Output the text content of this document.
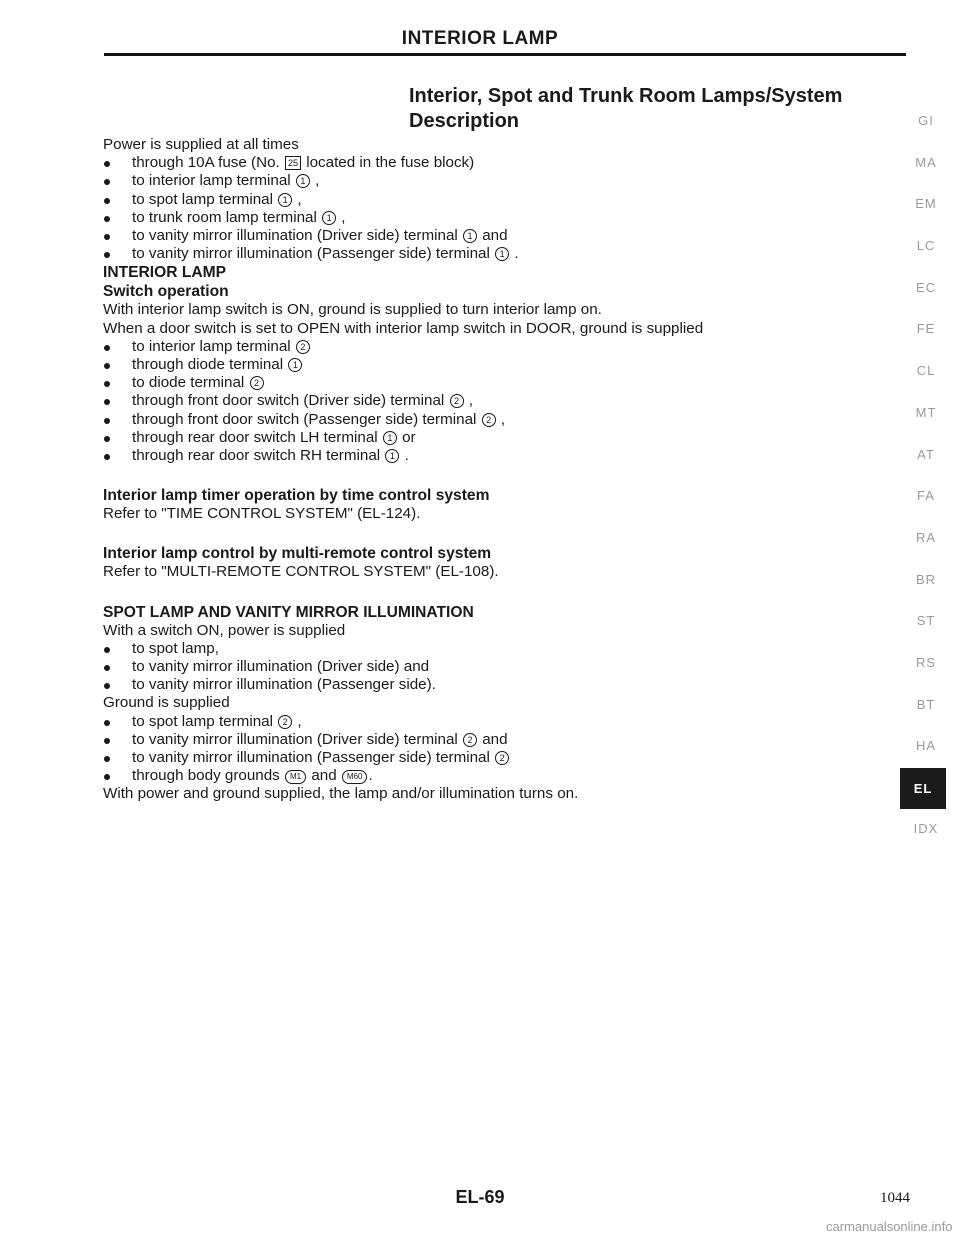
INTERIOR LAMP
Interior, Spot and Trunk Room Lamps/System
Description

Power is supplied at all times

through 10A fuse (No. 25 located in the fuse block)
to interior lamp terminal 1 ,
to spot lamp terminal 1 ,
to trunk room lamp terminal 1 ,
to vanity mirror illumination (Driver side) terminal 1 and
to vanity mirror illumination (Passenger side) terminal 1 .

INTERIOR LAMP

Switch operation

With interior lamp switch is ON, ground is supplied to turn interior lamp on.

When a door switch is set to OPEN with interior lamp switch in DOOR, ground is supplied

to interior lamp terminal 2
through diode terminal 1
to diode terminal 2
through front door switch (Driver side) terminal 2 ,
through front door switch (Passenger side) terminal 2 ,
through rear door switch LH terminal 1 or
through rear door switch RH terminal 1 .

Interior lamp timer operation by time control system

Refer to "TIME CONTROL SYSTEM" (EL-124).

Interior lamp control by multi-remote control system

Refer to "MULTI-REMOTE CONTROL SYSTEM" (EL-108).

SPOT LAMP AND VANITY MIRROR ILLUMINATION

With a switch ON, power is supplied

to spot lamp,
to vanity mirror illumination (Driver side) and
to vanity mirror illumination (Passenger side).

Ground is supplied

to spot lamp terminal 2 ,
to vanity mirror illumination (Driver side) terminal 2 and
to vanity mirror illumination (Passenger side) terminal 2
through body grounds M1 and M60 .

With power and ground supplied, the lamp and/or illumination turns on.

GI
MA
EM
LC
EC
FE
CL
MT
AT
FA
RA
BR
ST
RS
BT
HA
EL
IDX
EL-69	1044
carmanualsonline.info
